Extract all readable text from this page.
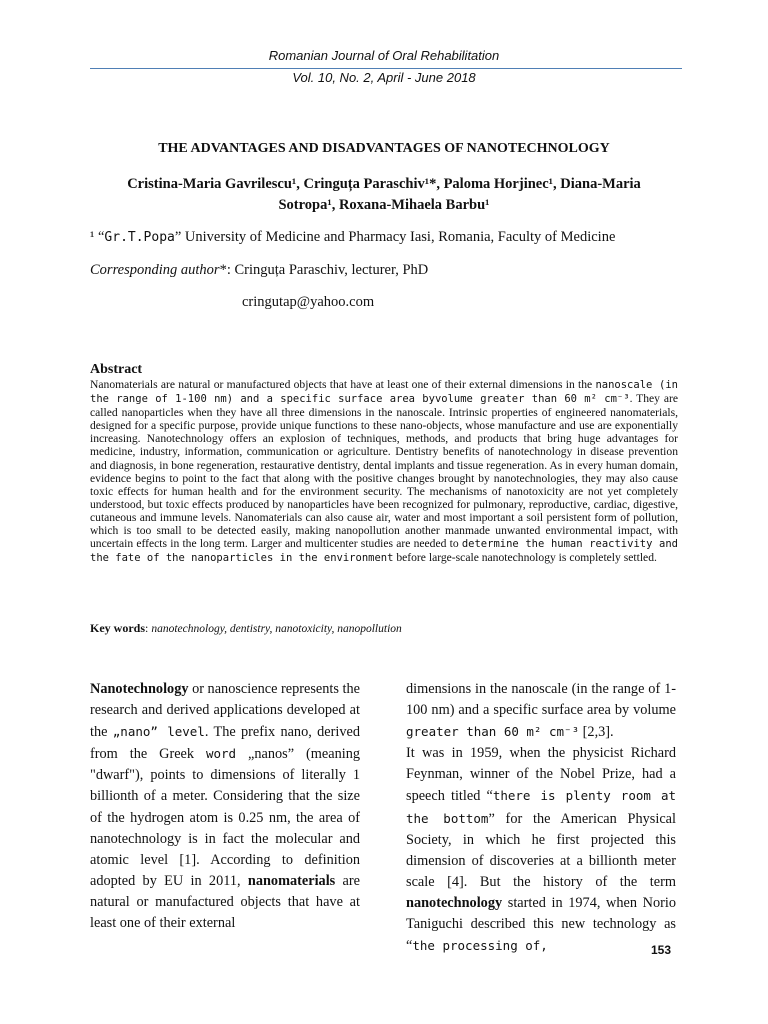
Romanian Journal of Oral Rehabilitation
Vol. 10, No. 2, April - June 2018
THE ADVANTAGES AND DISADVANTAGES OF NANOTECHNOLOGY
Cristina-Maria Gavrilescu¹, Cringuța Paraschiv¹*, Paloma Horjinec¹, Diana-Maria
Sotropa¹, Roxana-Mihaela Barbu¹
¹ “Gr.T.Popa” University of Medicine and Pharmacy Iasi, Romania, Faculty of Medicine
Corresponding author*: Cringuța Paraschiv, lecturer, PhD
cringutap@yahoo.com
Abstract
Nanomaterials are natural or manufactured objects that have at least one of their external dimensions in the nanoscale (in the range of 1-100 nm) and a specific surface area byvolume greater than 60 m² cm⁻³. They are called nanoparticles when they have all three dimensions in the nanoscale. Intrinsic properties of engineered nanomaterials, designed for a specific purpose, provide unique functions to these nano-objects, whose manufacture and use are exponentially increasing. Nanotechnology offers an explosion of techniques, methods, and products that bring huge advantages for medicine, industry, information, communication or agriculture. Dentistry benefits of nanotechnology in disease prevention and diagnosis, in bone regeneration, restaurative dentistry, dental implants and tissue regeneration. As in every human domain, evidence begins to point to the fact that along with the positive changes brought by nanotechnologies, they may also cause toxic effects for human health and for the environment security. The mechanisms of nanotoxicity are not yet completely understood, but toxic effects produced by nanoparticles have been recognized for pulmonary, reproductive, cardiac, digestive, cutaneous and immune levels. Nanomaterials can also cause air, water and most important a soil persistent form of pollution, which is too small to be detected easily, making nanopollution another manmade unwanted environmental impact, with uncertain effects in the long term. Larger and multicenter studies are needed to determine the human reactivity and the fate of the nanoparticles in the environment before large-scale nanotechnology is completely settled.
Key words: nanotechnology, dentistry, nanotoxicity, nanopollution
Nanotechnology or nanoscience represents the research and derived applications developed at the „nano” level. The prefix nano, derived from the Greek word „nanos” (meaning "dwarf"), points to dimensions of literally 1 billionth of a meter. Considering that the size of the hydrogen atom is 0.25 nm, the area of nanotechnology is in fact the molecular and atomic level [1]. According to definition adopted by EU in 2011, nanomaterials are natural or manufactured objects that have at least one of their external
dimensions in the nanoscale (in the range of 1-100 nm) and a specific surface area by volume greater than 60 m² cm⁻³ [2,3].
It was in 1959, when the physicist Richard Feynman, winner of the Nobel Prize, had a speech titled “there is plenty room at the bottom” for the American Physical Society, in which he first projected this dimension of discoveries at a billionth meter scale [4]. But the history of the term nanotechnology started in 1974, when Norio Taniguchi described this new technology as “the processing of,	153
